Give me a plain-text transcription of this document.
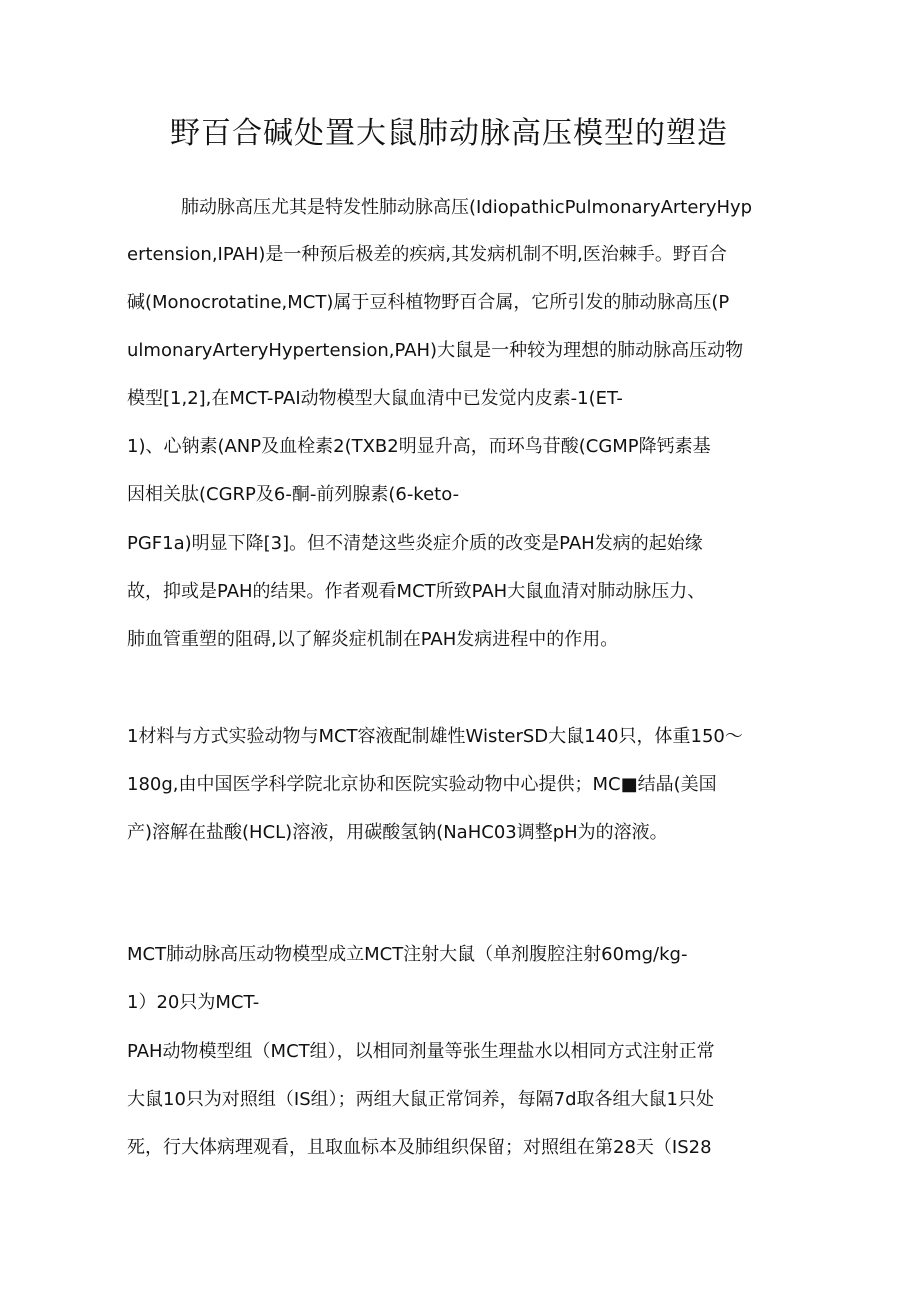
野百合碱处置大鼠肺动脉高压模型的塑造
肺动脉高压尤其是特发性肺动脉高压(IdiopathicPulmonaryArteryHyp
ertension,IPAH)是一种预后极差的疾病,其发病机制不明,医治棘手。野百合
碱(Monocrotatine,MCT)属于豆科植物野百合属，它所引发的肺动脉高压(P
ulmonaryArteryHypertension,PAH)大鼠是一种较为理想的肺动脉高压动物
模型[1,2],在MCT-PAI动物模型大鼠血清中已发觉内皮素-1(ET-
1)、心钠素(ANP及血栓素2(TXB2明显升高，而环鸟苷酸(CGMP降钙素基
因相关肽(CGRP及6-酮-前列腺素(6-keto-
PGF1a)明显下降[3]。但不清楚这些炎症介质的改变是PAH发病的起始缘
故，抑或是PAH的结果。作者观看MCT所致PAH大鼠血清对肺动脉压力、
肺血管重塑的阻碍,以了解炎症机制在PAH发病进程中的作用。
1材料与方式实验动物与MCT容液配制雄性WisterSD大鼠140只，体重150～
180g,由中国医学科学院北京协和医院实验动物中心提供；MC■结晶(美国
产)溶解在盐酸(HCL)溶液，用碳酸氢钠(NaHC03调整pH为的溶液。
MCT肺动脉高压动物模型成立MCT注射大鼠（单剂腹腔注射60mg/kg-
1）20只为MCT-
PAH动物模型组（MCT组），以相同剂量等张生理盐水以相同方式注射正常
大鼠10只为对照组（IS组）；两组大鼠正常饲养，每隔7d取各组大鼠1只处
死，行大体病理观看，且取血标本及肺组织保留；对照组在第28天（IS28
